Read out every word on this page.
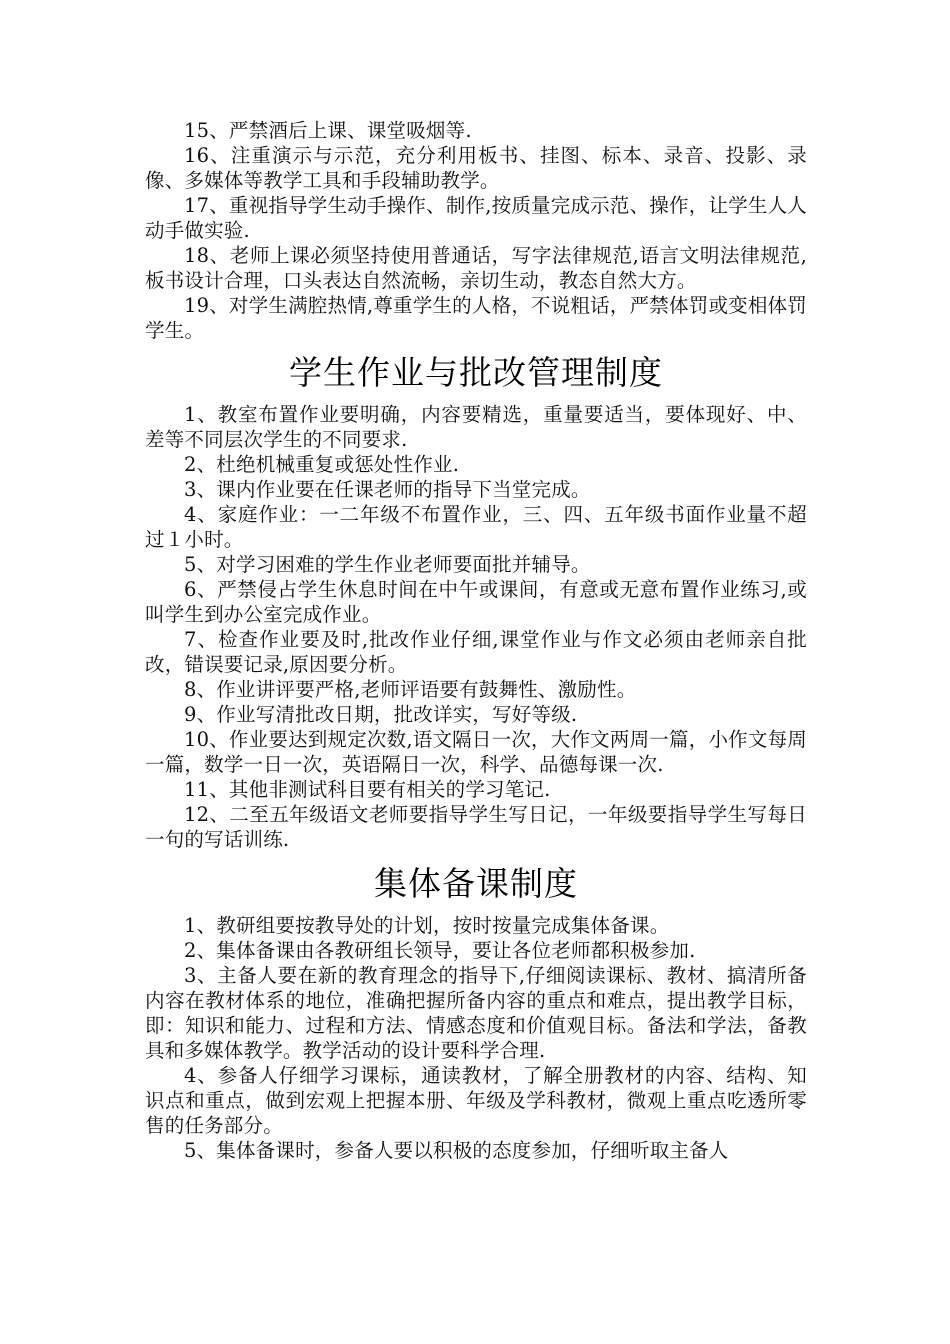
15、严禁酒后上课、课堂吸烟等.

16、注重演示与示范，充分利用板书、挂图、标本、录音、投影、录像、多媒体等教学工具和手段辅助教学。

17、重视指导学生动手操作、制作,按质量完成示范、操作，让学生人人动手做实验.

18、老师上课必须坚持使用普通话，写字法律规范,语言文明法律规范,板书设计合理，口头表达自然流畅，亲切生动，教态自然大方。

19、对学生满腔热情,尊重学生的人格，不说粗话，严禁体罚或变相体罚学生。

学生作业与批改管理制度

1、教室布置作业要明确，内容要精选，重量要适当，要体现好、中、差等不同层次学生的不同要求.

2、杜绝机械重复或惩处性作业.

3、课内作业要在任课老师的指导下当堂完成。

4、家庭作业：一二年级不布置作业，三、四、五年级书面作业量不超过１小时。

5、对学习困难的学生作业老师要面批并辅导。

6、严禁侵占学生休息时间在中午或课间，有意或无意布置作业练习,或叫学生到办公室完成作业。

7、检查作业要及时,批改作业仔细,课堂作业与作文必须由老师亲自批改，错误要记录,原因要分析。

8、作业讲评要严格,老师评语要有鼓舞性、激励性。

9、作业写清批改日期，批改详实，写好等级.

10、作业要达到规定次数,语文隔日一次，大作文两周一篇，小作文每周一篇，数学一日一次，英语隔日一次，科学、品德每课一次.

11、其他非测试科目要有相关的学习笔记.

12、二至五年级语文老师要指导学生写日记，一年级要指导学生写每日一句的写话训练.

集体备课制度

1、教研组要按教导处的计划，按时按量完成集体备课。

2、集体备课由各教研组长领导，要让各位老师都积极参加.

3、主备人要在新的教育理念的指导下,仔细阅读课标、教材、搞清所备内容在教材体系的地位，准确把握所备内容的重点和难点，提出教学目标，即：知识和能力、过程和方法、情感态度和价值观目标。备法和学法，备教具和多媒体教学。教学活动的设计要科学合理.

4、参备人仔细学习课标，通读教材，了解全册教材的内容、结构、知识点和重点，做到宏观上把握本册、年级及学科教材，微观上重点吃透所零售的任务部分。

5、集体备课时，参备人要以积极的态度参加，仔细听取主备人
